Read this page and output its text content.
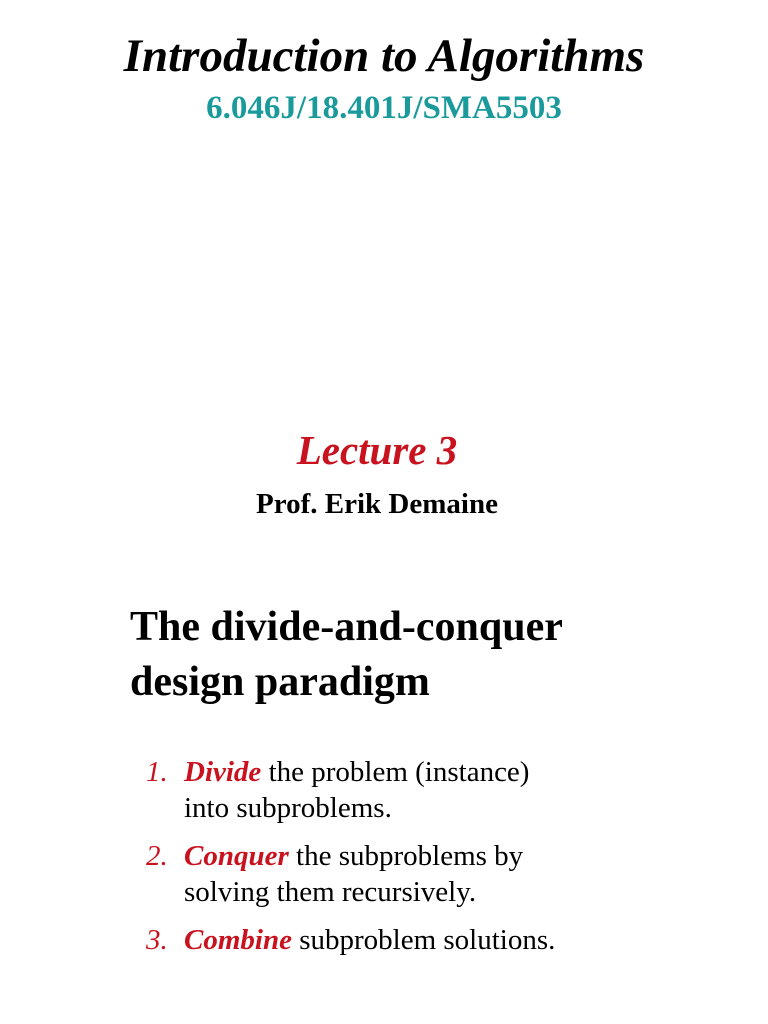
Introduction to Algorithms
6.046J/18.401J/SMA5503
Lecture 3
Prof. Erik Demaine
The divide-and-conquer
design paradigm
1. Divide the problem (instance)
into subproblems.
2. Conquer the subproblems by
solving them recursively.
3. Combine subproblem solutions.
